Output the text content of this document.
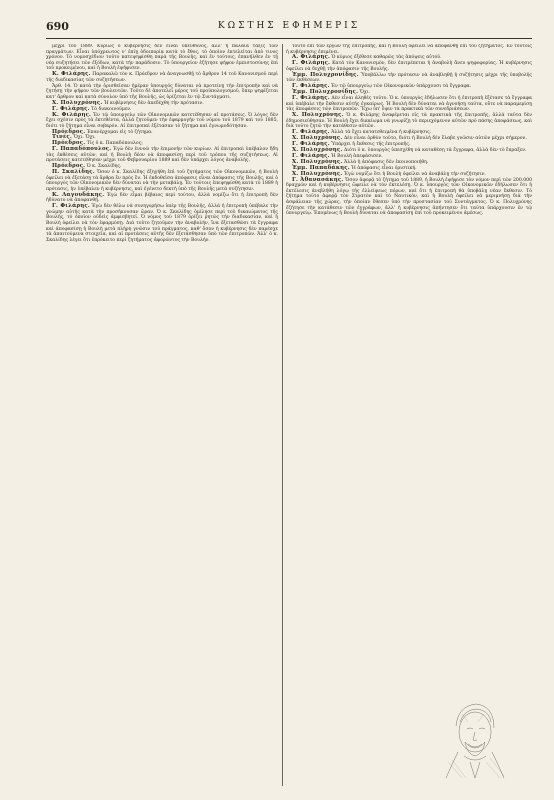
690	ΚΩΣΤΗΣ ΕΦΗΜΕΡΙΣ

μέχρι τοῦ 1889. Κυρίως ὁ κυβέρνησις δὲν εἶναι ὑπεύθυνος, ἀλλ' ἡ παλαιὰ τάξις τῶν πραγμάτων. Εἶναι ὑπόχρεωτος ν' ἐπίῃ ὁδοιπορίᾳ κατὰ τὸ ἔθος, τὸ ὁποῖον ἐκτελεῖται ἀπὸ τινος χρόνου. Τὸ νομοσχέδιον τοῦτο κατεψηφίσθη παρὰ τῆς Βουλῆς, καὶ ἐν τούτοις, ἐπανήλθεν ἐν τῇ νέᾳ συζητήσει τῶν ἐξόδων, κατὰ τὴν παράδοσιν. Τὸ ὑπουργεῖον ἐζήτησε ψήφον ἐμπιστοσύνης ἐπὶ τοῦ προκειμένου, καὶ ἡ Βουλὴ ἐψήφισεν.

Κ. Φιλάρης. Παρακαλῶ τὸν κ. Πρόεδρον νὰ ἀναγνωσθῇ τὸ ἄρθρον 14 τοῦ Κανονισμοῦ περὶ τῆς διαδικασίας τῶν συζητήσεων.

Ἄρθ. 14. Ὁ κατὰ τὴν ὁρισθεῖσαν ἡμέραν ὑπουργός δύναται νὰ προτείνῃ τὴν ἐπιτροπὴν καὶ νὰ ζητήσῃ τὴν ψήφον τῶν βουλευτῶν. Τοῦτο δὲ ἀποτελεῖ μέρος τοῦ προϋπολογισμοῦ, ὅπερ ψηφίζεται κατ' ἄρθρον καὶ κατὰ σύνολον ὑπὸ τῆς Βουλῆς, ὡς ὁρίζεται ἐν τῷ Συντάγματι.

Χ. Πολυχρόνης. Ἡ κυβέρνησις δὲν ἀπεδέχθη τὴν πρότασιν.

Γ. Φιλάρης. Τὸ διακοινοῦμεν.

Κ. Φιλάρης. Ἐν τῷ ὑπουργείῳ τῶν Οἰκονομικῶν κατετέθησαν αἱ προτάσεις. Ὁ λόγος δὲν ἔχει σχέσιν πρὸς τὰ ἐκτεθέντα, ἀλλὰ ζητοῦμεν τὴν ἐφαρμογὴν τοῦ νόμου τοῦ 1879 καὶ τοῦ 1885, διότι τὸ ζήτημα εἶναι σοβαρόν. Αἱ ἐπιτροπαὶ ἐξέτασαν τὸ ζήτημα καὶ ἐγνωμοδότησαν.

Πρόεδρος. Ἐπανέρχομαι εἰς τὸ ζήτημα.

Τινές. Ὄχι. Ὄχι.

Πρόεδρος. Τίς ὁ κ. Παπαδόπουλος;

Γ. Παπαδόπουλος. Ἐγὼ δὲν ἐννοῶ τὴν ἐπιμονὴν τῶν κυρίων. Αἱ ἐπιτροπαὶ ὑπέβαλον ἤδη τὰς ἐκθέσεις αὐτῶν, καὶ ἡ Βουλὴ δέον νὰ ἀποφασίσῃ περὶ τοῦ τρόπου τῆς συζητήσεως. Αἱ προτάσεις κατετέθησαν μέχρι τοῦ Φεβρουαρίου 1889 καὶ δὲν ὑπάρχει λόγος ἀναβολῆς.

Πρόεδρος. Ὁ κ. Σκαλίδης.

Π. Σκαλίδης. Ὅσον ὁ κ. Σκαλίδης ἐξηγήθη ἐπὶ τοῦ ζητήματος τῶν Οἰκονομικῶν, ἡ Βουλὴ ὀφείλει νὰ ἐξετάσῃ τὰ ἄρθρα ἓν πρὸς ἓν. Ἡ ἐκδοθεῖσα ἀπόφασις εἶναι ἀπόφασις τῆς Βουλῆς, καὶ ὁ ὑπουργὸς τῶν Οἰκονομικῶν δὲν δύναται νὰ τὴν μεταβάλῃ. Ἐν τούτοις ἐπεψηφίσθη κατὰ τὸ 1889 ἡ πρότασις, ἡν ὑπέβαλεν ἡ κυβέρνησις, καὶ ἐγένετο δεκτὴ ὑπὸ τῆς Βουλῆς μετὰ συζήτησιν.

Κ. Λαγουδάκης. Ἐγὼ δὲν εἶμαι βέβαιος περὶ τούτου, ἀλλὰ νομίζω ὅτι ἡ ἐπιτροπὴ δὲν ἠδύνατο νὰ ἀποφανθῇ.

Γ. Φιλάρης. Ἐγὼ δὲν θέλω νὰ συνηγορήσω ὑπὲρ τῆς Βουλῆς, ἀλλὰ ἡ ἐπιτροπὴ ὑπέβαλε τὴν γνώμην αὐτῆς κατὰ τὴν προσήκουσαν ὥραν. Ὁ κ. Σκαλίδης ὁμίλησε περὶ τοῦ δικαιώματος τῆς Βουλῆς, τὸ ὁποῖον οὐδεὶς ἀμφισβητεῖ. Ὁ νόμος τοῦ 1879 ὁρίζει ῥητῶς τὴν διαδικασίαν, καὶ ἡ Βουλὴ ὀφείλει νὰ τὸν ἐφαρμόσῃ. Διὰ τοῦτο ζητοῦμεν τὴν ἀναβολήν, ἵνα ἐξετασθῶσι τὰ ἔγγραφα καὶ ἀποφασίσῃ ἡ Βουλὴ μετὰ πλήρη γνῶσιν τοῦ πράγματος, καθ' ὅσον ἡ κυβέρνησις δὲν παρέσχε τὰ ἀπαιτούμενα στοιχεῖα, καὶ αἱ προτάσεις αὐτῆς δὲν ἐξετάσθησαν ὑπὸ τῶν ἐπιτροπῶν. Ἀλλ' ὁ κ. Σκαλίδης λέγει ὅτι ἐπρόκειτο περὶ ζητήματος ἀφορῶντος τὴν Βουλήν.

τοῦτο ἐπὶ τῶν ἔργων τῆς ἐπιτροπῆς, καὶ ἡ Βουλὴ ὀφείλει νὰ ἀποφανθῇ ἐπὶ τοῦ ζητήματος. Ἐν τούτοις ἡ κυβέρνησις ἐπιμένει.

Α. Φιλάρης. Ὁ κύριος ἐξέθεσε καθαρῶς τὰς ἀπόψεις αὐτοῦ.

Γ. Φιλάρης. Κατὰ τὸν Κανονισμὸν, δὲν ἐπιτρέπεται ἡ ἀναβολὴ ἄνευ ψηφοφορίας. Ἡ κυβέρνησις ὀφείλει νὰ δεχθῇ τὴν ἀπόφασιν τῆς Βουλῆς.

Ἐμμ. Πολυχρονίδης. Ὑποβάλλω τὴν πρότασιν νὰ ἀναβληθῇ ἡ συζήτησις μέχρι τῆς ὑποβολῆς τῶν ἐκθέσεων.

Γ. Φιλάρης. Ἐν τῷ ὑπουργείῳ τῶν Οἰκονομικῶν ὑπάρχουσι τὰ ἔγγραφα.

Ἐμμ. Πολυχρονίδης. Ὄχι.

Γ. Φιλάρης. Δὲν εἶναι ἀληθὲς τοῦτο. Ὁ κ. ὑπουργὸς ἐδήλωσεν ὅτι ἡ ἐπιτροπὴ ἐξέτασε τὰ ἔγγραφα καὶ ὑπέβαλε τὴν ἔκθεσιν αὐτῆς ἐγκαίρως. Ἡ Βουλὴ δὲν δύναται νὰ ἀγνοήσῃ ταῦτα, οὔτε νὰ παραμερίσῃ τὰς ἀποφάσεις τῶν ἐπιτροπῶν. Ἔχω ὑπ' ὄψιν τὰ πρακτικὰ τῶν συνεδριάσεων.

Χ. Πολυχρόνης. Ὁ κ. Φιλάρης ἀναφέρεται εἰς τὰ πρακτικὰ τῆς ἐπιτροπῆς, ἀλλὰ ταῦτα δὲν ἐδημοσιεύθησαν. Ἡ Βουλὴ ἔχει δικαίωμα νὰ γνωρίζῃ τὸ περιεχόμενον αὐτῶν πρὸ πάσης ἀποφάσεως, καὶ διὰ τοῦτο ζητῶ τὴν κατάθεσιν αὐτῶν.

Γ. Φιλάρης. Ἀλλὰ τὰ ἔχει κατατεθειμένα ἡ κυβέρνησις.

Χ. Πολυχρόνης. Δὲν εἶναι ὀρθὸν τοῦτο, διότι ἡ Βουλὴ δὲν ἔλαβε γνῶσιν αὐτῶν μέχρι σήμερον.

Γ. Φιλάρης. Ὑπάρχει ἡ ἔκθεσις τῆς ἐπιτροπῆς.

Χ. Πολυχρόνης. Διότι ὁ κ. ὑπουργὸς ὑπεσχέθη νὰ καταθέσῃ τὰ ἔγγραφα, ἀλλὰ δὲν τὸ ἔπραξεν.

Γ. Φιλάρης. Ἡ Βουλὴ ἀπεφάσισεν.

Χ. Πολυχρόνης. Ἀλλὰ ἡ ἀπόφασις δὲν ἐκοινοποιήθη.

Ἐμμ. Παπαδάκης. Ἡ ἀπόφασις εἶναι ὁριστική.

Χ. Πολυχρόνης. Ἐγὼ νομίζω ὅτι ἡ Βουλὴ ὀφείλει νὰ ἀναβάλῃ τὴν συζήτησιν.

Γ. Ἀθανασάκης. Ὅσον ἀφορᾷ τὸ ζήτημα τοῦ 1889, ἡ Βουλὴ ἐψήφισε τὸν νόμον περὶ τῶν 200.000 δραχμῶν καὶ ἡ κυβέρνησις ὤφειλε νὰ τὸν ἐκτελέσῃ. Ὁ κ. ὑπουργὸς τῶν Οἰκονομικῶν ἐδήλωσεν ὅτι ἡ ἐκτέλεσις ἀνεβλήθη λόγῳ τῆς ἐλλείψεως πόρων, καὶ ὅτι ἡ ἐπιτροπὴ θὰ ὑποβάλῃ νέαν ἔκθεσιν. Τὸ ζήτημα τοῦτο ἀφορᾷ τὸν Στρατὸν καὶ τὸ Ναυτικὸν, καὶ ἡ Βουλὴ ὀφείλει νὰ μεριμνήσῃ διὰ τὴν ἀσφάλειαν τῆς χώρας, τὴν ὁποίαν ἔθεσεν ὑπὸ τὴν προστασίαν τοῦ Συντάγματος. Ὁ κ. Πολυχρόνης ἐζήτησε τὴν κατάθεσιν τῶν ἐγγράφων, ἀλλ' ἡ κυβέρνησις ἀπήντησεν ὅτι ταῦτα ὑπάρχουσιν ἐν τῷ ὑπουργείῳ. Ἑπομένως ἡ Βουλὴ δύναται νὰ ἀποφασίσῃ ἐπὶ τοῦ προκειμένου ἀμέσως.
